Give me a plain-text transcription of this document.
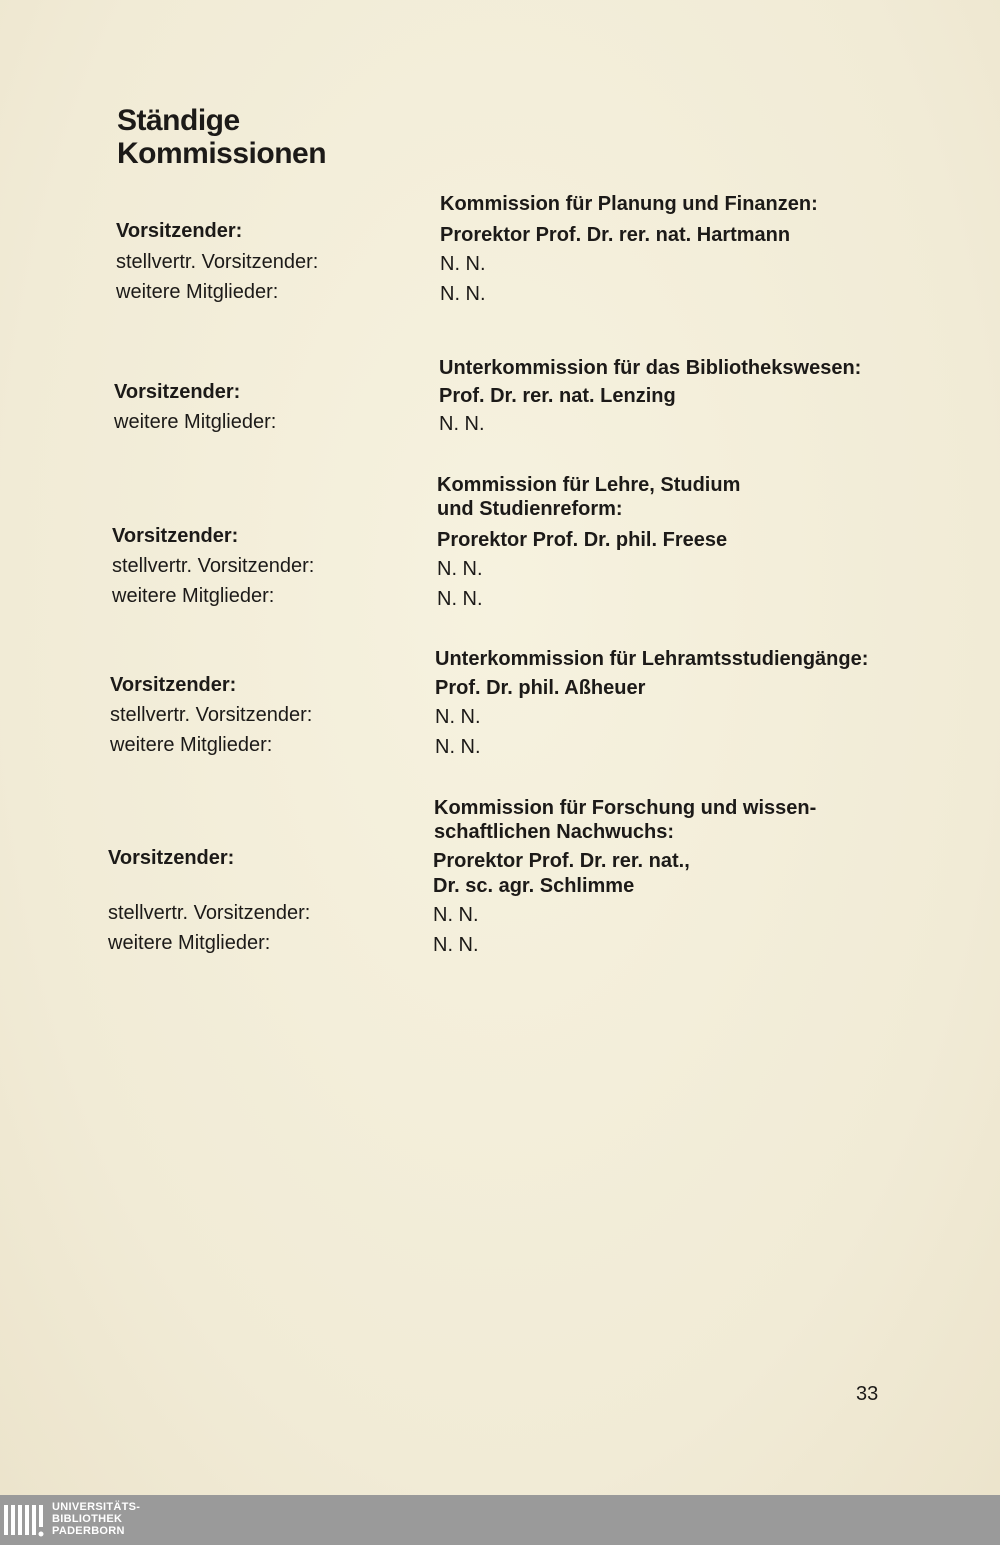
Ständige
Kommissionen
Kommission für Planung und Finanzen:
Vorsitzender:	Prorektor Prof. Dr. rer. nat. Hartmann
stellvertr. Vorsitzender:	N. N.
weitere Mitglieder:	N. N.
Unterkommission für das Bibliothekswesen:
Vorsitzender:	Prof. Dr. rer. nat. Lenzing
weitere Mitglieder:	N. N.
Kommission für Lehre, Studium
und Studienreform:
Vorsitzender:	Prorektor Prof. Dr. phil. Freese
stellvertr. Vorsitzender:	N. N.
weitere Mitglieder:	N. N.
Unterkommission für Lehramtsstudiengänge:
Vorsitzender:	Prof. Dr. phil. Aßheuer
stellvertr. Vorsitzender:	N. N.
weitere Mitglieder:	N. N.
Kommission für Forschung und wissen-
schaftlichen Nachwuchs:
Vorsitzender:	Prorektor Prof. Dr. rer. nat.,
Dr. sc. agr. Schlimme
stellvertr. Vorsitzender:	N. N.
weitere Mitglieder:	N. N.
33
UNIVERSITÄTS-
BIBLIOTHEK
PADERBORN
